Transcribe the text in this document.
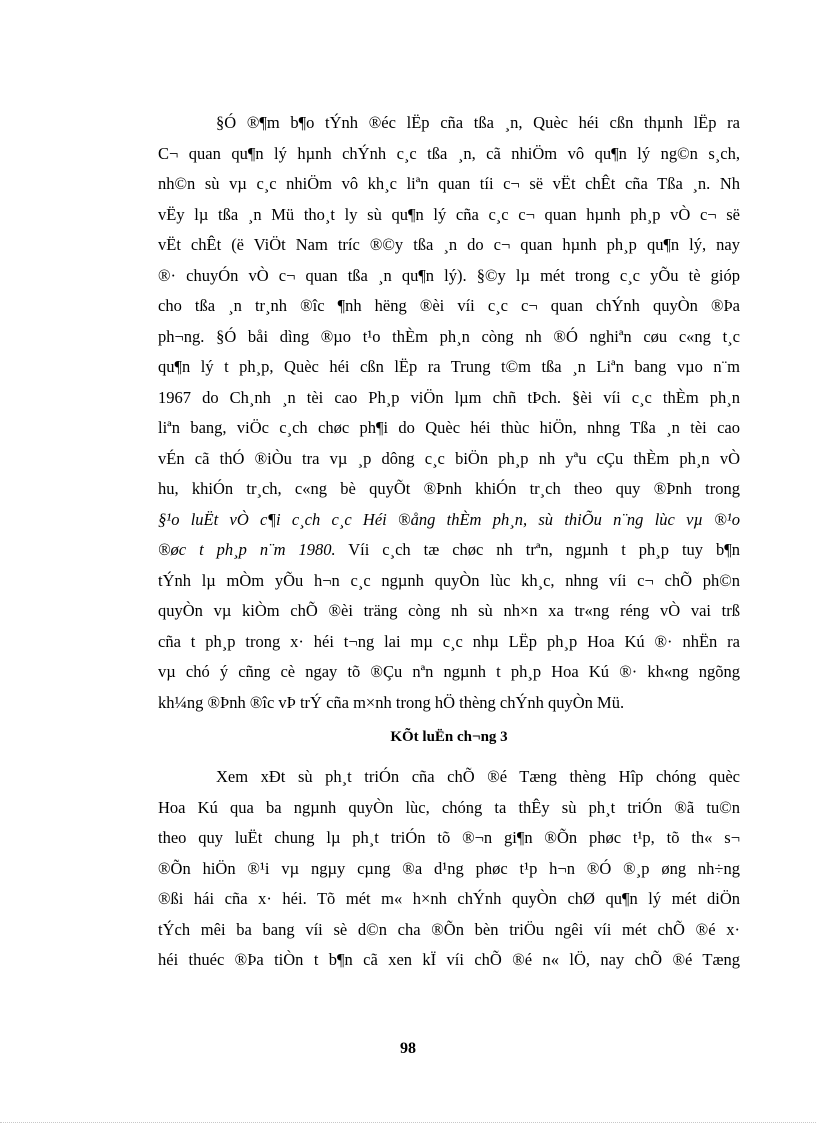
§Ó ®¶m b¶o tÝnh ®éc lËp cña tßa ¸n, Quèc héi cßn thµnh lËp ra
C¬ quan qu¶n lý hµnh chÝnh c¸c tßa ¸n, cã nhiÖm vô qu¶n lý ng©n s¸ch,
nh©n sù vµ c¸c nhiÖm vô kh¸c liªn quan tíi c¬ së vËt chÊt cña Tßa ¸n. Nh
vËy lµ tßa ¸n Mü tho¸t ly sù qu¶n lý cña c¸c c¬ quan hµnh ph¸p vÒ c¬ së
vËt chÊt (ë ViÖt Nam tríc ®©y tßa ¸n do c¬ quan hµnh ph¸p qu¶n lý, nay
®· chuyÓn vÒ c¬ quan tßa ¸n qu¶n lý). §©y lµ mét trong c¸c yÕu tè gióp
cho tßa ¸n tr¸nh ®îc ¶nh hëng ®èi víi c¸c c¬ quan chÝnh quyÒn ®Þa
ph¬ng. §Ó båi dìng ®µo t¹o thÈm ph¸n còng nh ®Ó nghiªn cøu c«ng t¸c
qu¶n lý t ph¸p, Quèc héi cßn lËp ra Trung t©m tßa ¸n Liªn bang vµo n¨m
1967 do Ch¸nh ¸n tèi cao Ph¸p viÖn lµm chñ tÞch. §èi víi c¸c thÈm ph¸n
liªn bang, viÖc c¸ch chøc ph¶i do Quèc héi thùc hiÖn, nhng Tßa ¸n tèi cao
vÉn cã thÓ ®iÒu tra vµ ¸p dông c¸c biÖn ph¸p nh yªu cÇu thÈm ph¸n vÒ
hu, khiÓn tr¸ch, c«ng bè quyÕt ®Þnh khiÓn tr¸ch theo quy ®Þnh trong
§¹o luËt vÒ c¶i c¸ch c¸c Héi ®ång thÈm ph¸n, sù thiÕu n¨ng lùc vµ ®¹o
®øc t ph¸p n¨m 1980. Víi c¸ch tæ chøc nh trªn, ngµnh t ph¸p tuy b¶n
tÝnh lµ mÒm yÕu h¬n c¸c ngµnh quyÒn lùc kh¸c, nhng víi c¬ chÕ ph©n
quyÒn vµ kiÒm chÕ ®èi träng còng nh sù nh×n xa tr«ng réng vÒ vai trß
cña t ph¸p trong x· héi t¬ng lai mµ c¸c nhµ LËp ph¸p Hoa Kú ®· nhËn ra
vµ chó ý cñng cè ngay tõ ®Çu nªn ngµnh t ph¸p Hoa Kú ®· kh«ng ngõng
kh¼ng ®Þnh ®îc vÞ trÝ cña m×nh trong hÖ thèng chÝnh quyÒn Mü.
KÕt luËn ch¬ng 3
Xem xÐt sù ph¸t triÓn cña chÕ ®é Tæng thèng Hîp chóng quèc
Hoa Kú qua ba ngµnh quyÒn lùc, chóng ta thÊy sù ph¸t triÓn ®ã tu©n
theo quy luËt chung lµ ph¸t triÓn tõ ®¬n gi¶n ®Õn phøc t¹p, tõ th« s¬
®Õn hiÖn ®¹i vµ ngµy cµng ®a d¹ng phøc t¹p h¬n ®Ó ®¸p øng nh÷ng
®ßi hái cña x· héi. Tõ mét m« h×nh chÝnh quyÒn chØ qu¶n lý mét diÖn
tÝch mêi ba bang víi sè d©n cha ®Õn bèn triÖu ngêi víi mét chÕ ®é x·
héi thuéc ®Þa tiÒn t b¶n cã xen kÏ víi chÕ ®é n« lÖ, nay chÕ ®é Tæng
98
